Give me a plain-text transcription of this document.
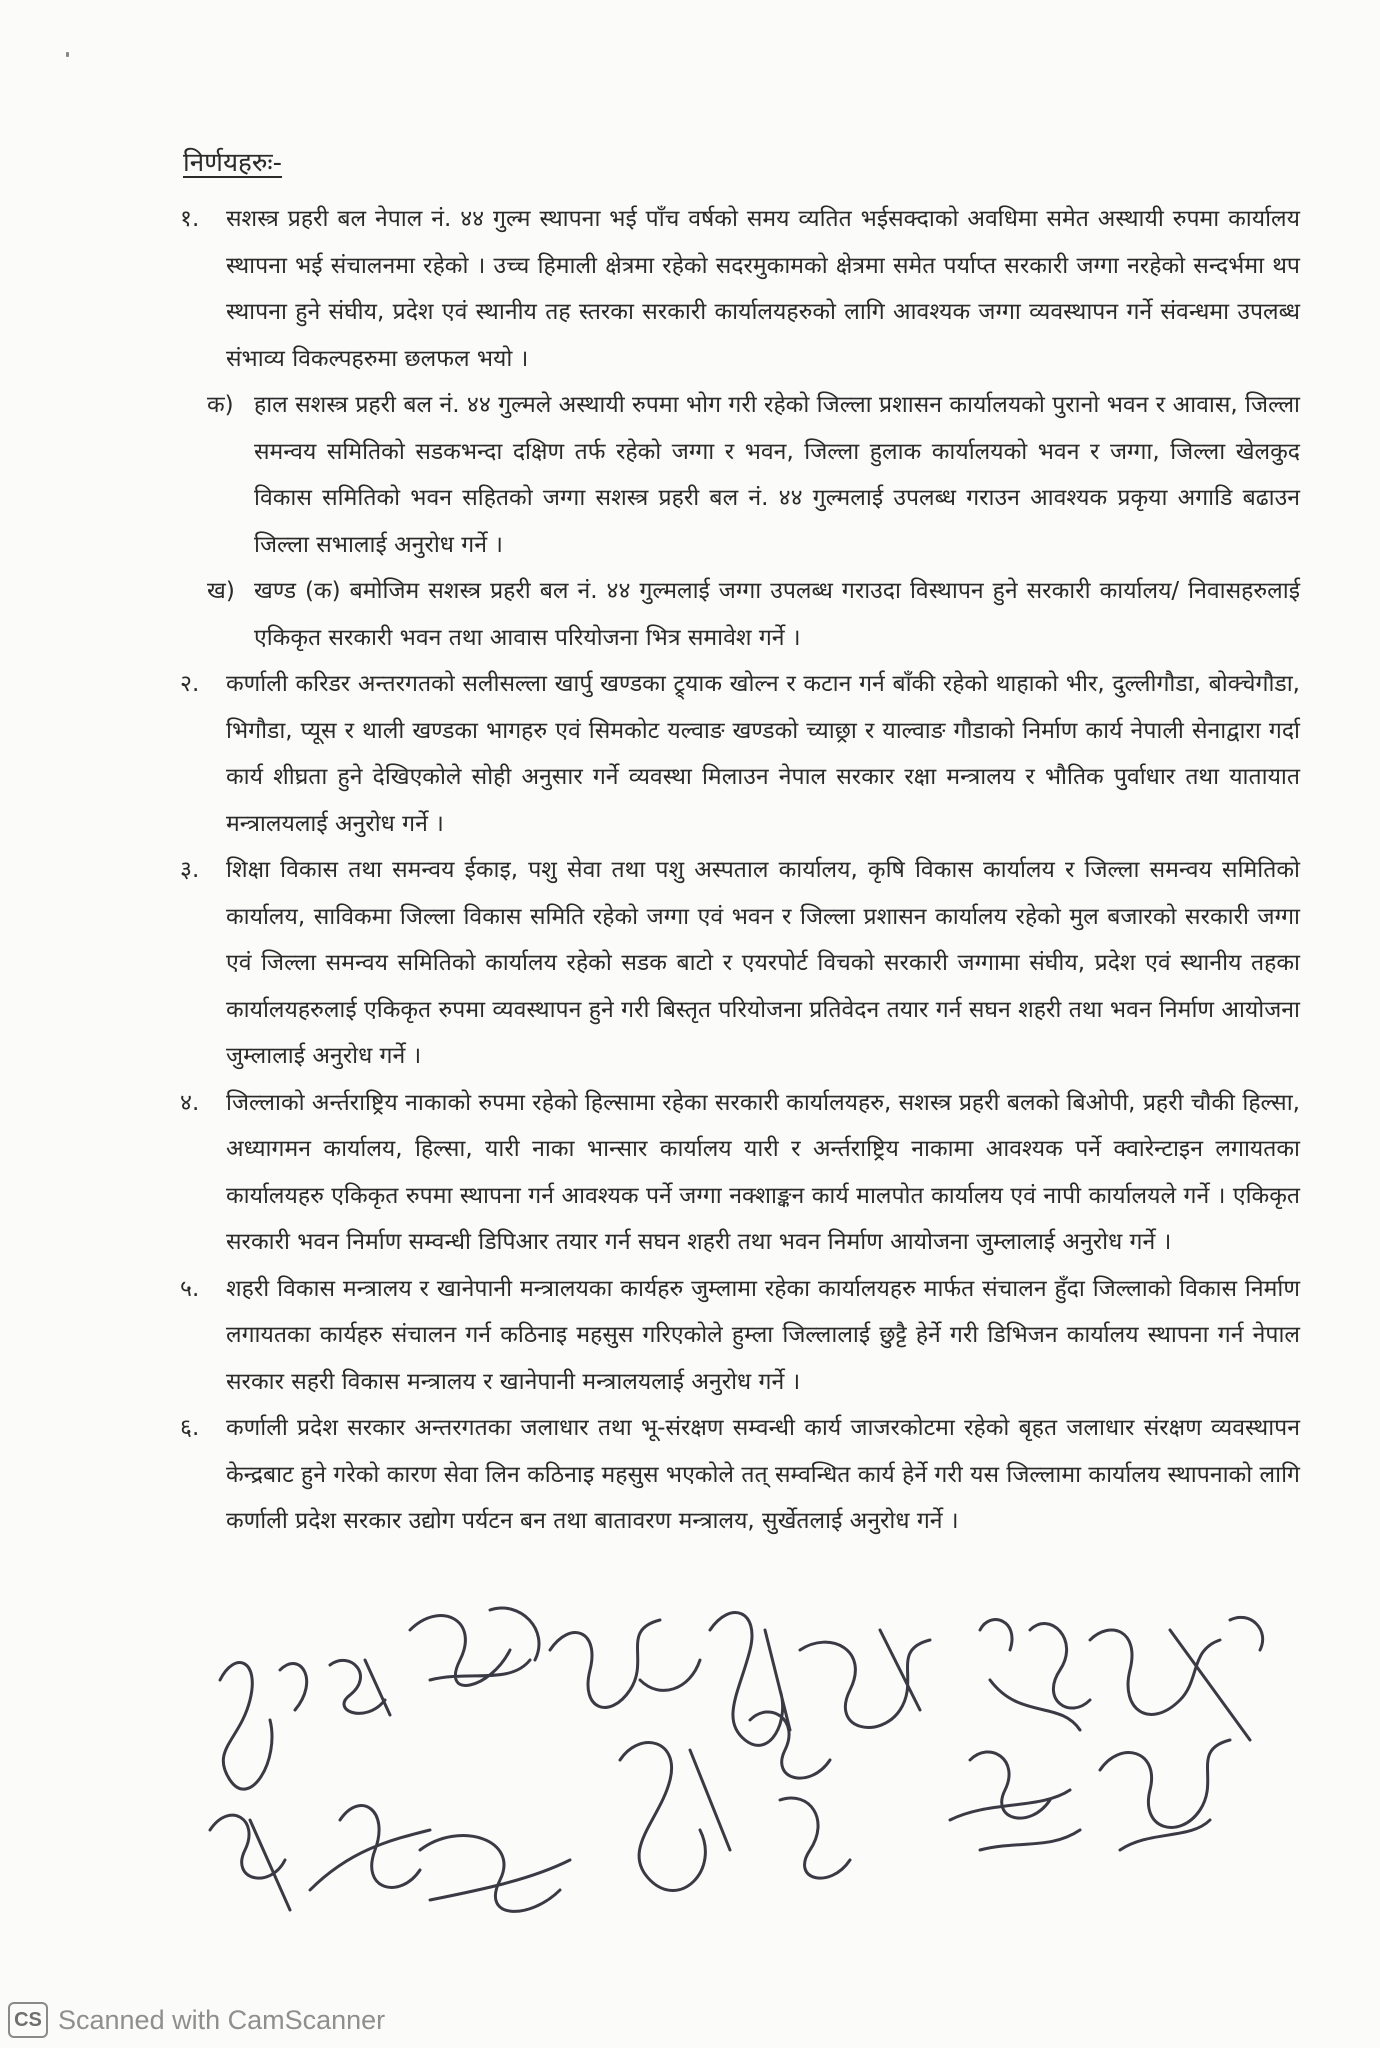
निर्णयहरुः-
१. सशस्त्र प्रहरी बल नेपाल नं. ४४ गुल्म स्थापना भई पाँच वर्षको समय व्यतित भईसक्दाको अवधिमा समेत अस्थायी रुपमा कार्यालय स्थापना भई संचालनमा रहेको । उच्च हिमाली क्षेत्रमा रहेको सदरमुकामको क्षेत्रमा समेत पर्याप्त सरकारी जग्गा नरहेको सन्दर्भमा थप स्थापना हुने संघीय, प्रदेश एवं स्थानीय तह स्तरका सरकारी कार्यालयहरुको लागि आवश्यक जग्गा व्यवस्थापन गर्ने संवन्धमा उपलब्ध संभाव्य विकल्पहरुमा छलफल भयो ।
क) हाल सशस्त्र प्रहरी बल नं. ४४ गुल्मले अस्थायी रुपमा भोग गरी रहेको जिल्ला प्रशासन कार्यालयको पुरानो भवन र आवास, जिल्ला समन्वय समितिको सडकभन्दा दक्षिण तर्फ रहेको जग्गा र भवन, जिल्ला हुलाक कार्यालयको भवन र जग्गा, जिल्ला खेलकुद विकास समितिको भवन सहितको जग्गा सशस्त्र प्रहरी बल नं. ४४ गुल्मलाई उपलब्ध गराउन आवश्यक प्रकृया अगाडि बढाउन जिल्ला सभालाई अनुरोध गर्ने ।
ख) खण्ड (क) बमोजिम सशस्त्र प्रहरी बल नं. ४४ गुल्मलाई जग्गा उपलब्ध गराउदा विस्थापन हुने सरकारी कार्यालय/ निवासहरुलाई एकिकृत सरकारी भवन तथा आवास परियोजना भित्र समावेश गर्ने ।
२. कर्णाली करिडर अन्तरगतको सलीसल्ला खार्पु खण्डका ट्र्याक खोल्न र कटान गर्न बाँकी रहेको थाहाको भीर, दुल्लीगौडा, बोक्चेगौडा, भिगौडा, प्यूस र थाली खण्डका भागहरु एवं सिमकोट यल्वाङ खण्डको च्याछ्रा र याल्वाङ गौडाको निर्माण कार्य नेपाली सेनाद्वारा गर्दा कार्य शीघ्रता हुने देखिएकोले सोही अनुसार गर्ने व्यवस्था मिलाउन नेपाल सरकार रक्षा मन्त्रालय र भौतिक पुर्वाधार तथा यातायात मन्त्रालयलाई अनुरोध गर्ने ।
३. शिक्षा विकास तथा समन्वय ईकाइ, पशु सेवा तथा पशु अस्पताल कार्यालय, कृषि विकास कार्यालय र जिल्ला समन्वय समितिको कार्यालय, साविकमा जिल्ला विकास समिति रहेको जग्गा एवं भवन र जिल्ला प्रशासन कार्यालय रहेको मुल बजारको सरकारी जग्गा एवं जिल्ला समन्वय समितिको कार्यालय रहेको सडक बाटो र एयरपोर्ट विचको सरकारी जग्गामा संघीय, प्रदेश एवं स्थानीय तहका कार्यालयहरुलाई एकिकृत रुपमा व्यवस्थापन हुने गरी बिस्तृत परियोजना प्रतिवेदन तयार गर्न सघन शहरी तथा भवन निर्माण आयोजना जुम्लालाई अनुरोध गर्ने ।
४. जिल्लाको अर्न्तराष्ट्रिय नाकाको रुपमा रहेको हिल्सामा रहेका सरकारी कार्यालयहरु, सशस्त्र प्रहरी बलको बिओपी, प्रहरी चौकी हिल्सा, अध्यागमन कार्यालय, हिल्सा, यारी नाका भान्सार कार्यालय यारी र अर्न्तराष्ट्रिय नाकामा आवश्यक पर्ने क्वारेन्टाइन लगायतका कार्यालयहरु एकिकृत रुपमा स्थापना गर्न आवश्यक पर्ने जग्गा नक्शाङ्कन कार्य मालपोत कार्यालय एवं नापी कार्यालयले गर्ने । एकिकृत सरकारी भवन निर्माण सम्वन्धी डिपिआर तयार गर्न सघन शहरी तथा भवन निर्माण आयोजना जुम्लालाई अनुरोध गर्ने ।
५. शहरी विकास मन्त्रालय र खानेपानी मन्त्रालयका कार्यहरु जुम्लामा रहेका कार्यालयहरु मार्फत संचालन हुँदा जिल्लाको विकास निर्माण लगायतका कार्यहरु संचालन गर्न कठिनाइ महसुस गरिएकोले हुम्ला जिल्लालाई छुट्टै हेर्ने गरी डिभिजन कार्यालय स्थापना गर्न नेपाल सरकार सहरी विकास मन्त्रालय र खानेपानी मन्त्रालयलाई अनुरोध गर्ने ।
६. कर्णाली प्रदेश सरकार अन्तरगतका जलाधार तथा भू-संरक्षण सम्वन्धी कार्य जाजरकोटमा रहेको बृहत जलाधार संरक्षण व्यवस्थापन केन्द्रबाट हुने गरेको कारण सेवा लिन कठिनाइ महसुस भएकोले तत् सम्वन्धित कार्य हेर्ने गरी यस जिल्लामा कार्यालय स्थापनाको लागि कर्णाली प्रदेश सरकार उद्योग पर्यटन बन तथा बातावरण मन्त्रालय, सुर्खेतलाई अनुरोध गर्ने ।
CS Scanned with CamScanner
